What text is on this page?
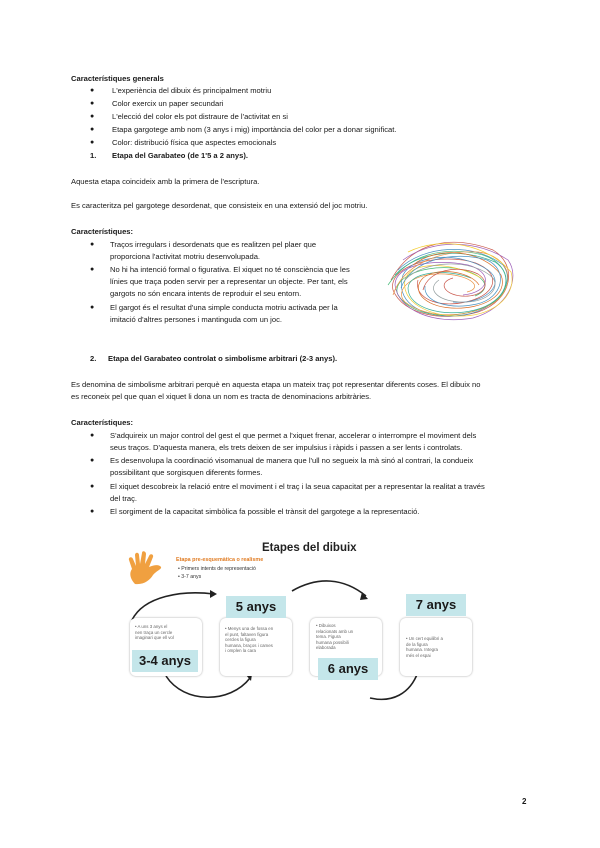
Característiques generals
● L'experiència del dibuix és principalment motriu
● Color exercix un paper secundari
● L'elecció del color els pot distraure de l'activitat en si
● Etapa gargotege amb nom (3 anys i mig) importància del color per a donar significat.
● Color: distribució física que aspectes emocionals
1. Etapa del Garabateo (de 1'5 a 2 anys).
Aquesta etapa coincideix amb la primera de l'escriptura.
Es caracteritza pel gargotege desordenat, que consisteix en una extensió del joc motriu.
Característiques:
● Traços irregulars i desordenats que es realitzen pel plaer que
proporciona l'activitat motriu desenvolupada.
● No hi ha intenció formal o figurativa. El xiquet no té consciència que les
línies que traça poden servir per a representar un objecte. Per tant, els
gargots no són encara intents de reproduir el seu entorn.
● El gargot és el resultat d'una simple conducta motriu activada per la
imitació d'altres persones i mantinguda com un joc.
2. Etapa del Garabateo controlat o simbolisme arbitrari (2-3 anys).
Es denomina de simbolisme arbitrari perquè en aquesta etapa un mateix traç pot representar diferents coses. El dibuix no
es reconeix pel que quan el xiquet li dona un nom es tracta de denominacions arbitràries.
Característiques:
● S'adquireix un major control del gest el que permet a l'xiquet frenar, accelerar o interrompre el moviment dels
seus traços. D'aquesta manera, els trets deixen de ser impulsius i ràpids i passen a ser lents i controlats.
● Es desenvolupa la coordinació visomanual de manera que l'ull no segueix la mà sinó al contrari, la condueix
possibilitant que sorgisquen diferents formes.
● El xiquet descobreix la relació entre el moviment i el traç i la seua capacitat per a representar la realitat a través
del traç.
● El sorgiment de la capacitat simbòlica fa possible el trànsit del gargotege a la representació.
Etapes del dibuix
Etapa pre-esquemàtica o realisme
• Primers intents de representació
• 3-7 anys
• A uns 3 anys el
nen traça un cercle
imaginari que ell vol
• Menys una de fossa en
el punt, faltaven figura
cercles la figura
humana, braços i cames
i omplen la cara
• Dibuixos
relacionats amb un
tema. Figura
humana possibili
elaborada
• Un cert equilibri a
de la figura
humana. Integra
més el espai
3-4 anys
5 anys
6 anys
7 anys
2
